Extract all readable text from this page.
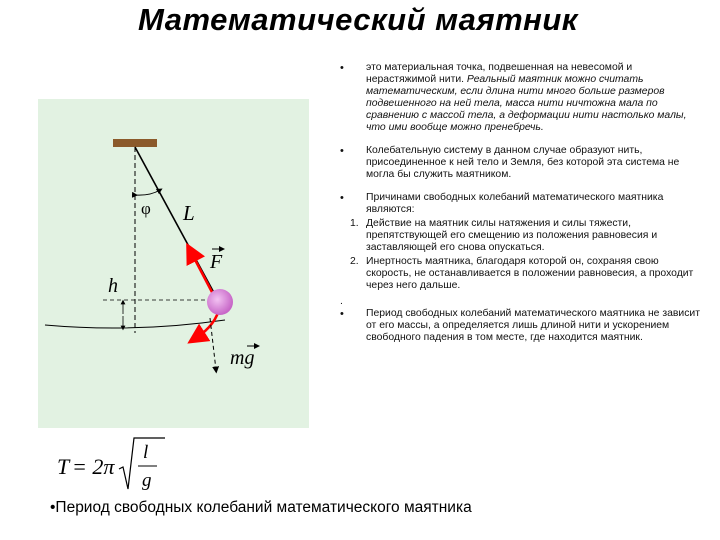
Математический маятник
φ L
h
F
mg
• это материальная точка, подвешенная на невесомой и нерастяжимой нити. Реальный маятник можно считать математическим, если длина нити много больше размеров подвешенного на ней тела, масса нити ничтожна мала по сравнению с массой тела, а деформации нити настолько малы, что ими вообще можно пренебречь.
• Колебательную систему в данном случае образуют нить, присоединенное к ней тело и Земля, без которой эта система не могла бы служить маятником.
• Причинами свободных колебаний математического маятника являются:
1. Действие на маятник силы натяжения и силы тяжести, препятствующей его смещению из положения равновесия и заставляющей его снова опускаться.
2. Инертность маятника, благодаря которой он, сохраняя свою скорость, не останавливается в положении равновесия, а проходит через него дальше.
.
• Период свободных колебаний математического маятника не зависит от его массы, а определяется лишь длиной нити и ускорением свободного падения в том месте, где находится маятник.
T = 2π
l
g
•Период свободных колебаний математического маятника
